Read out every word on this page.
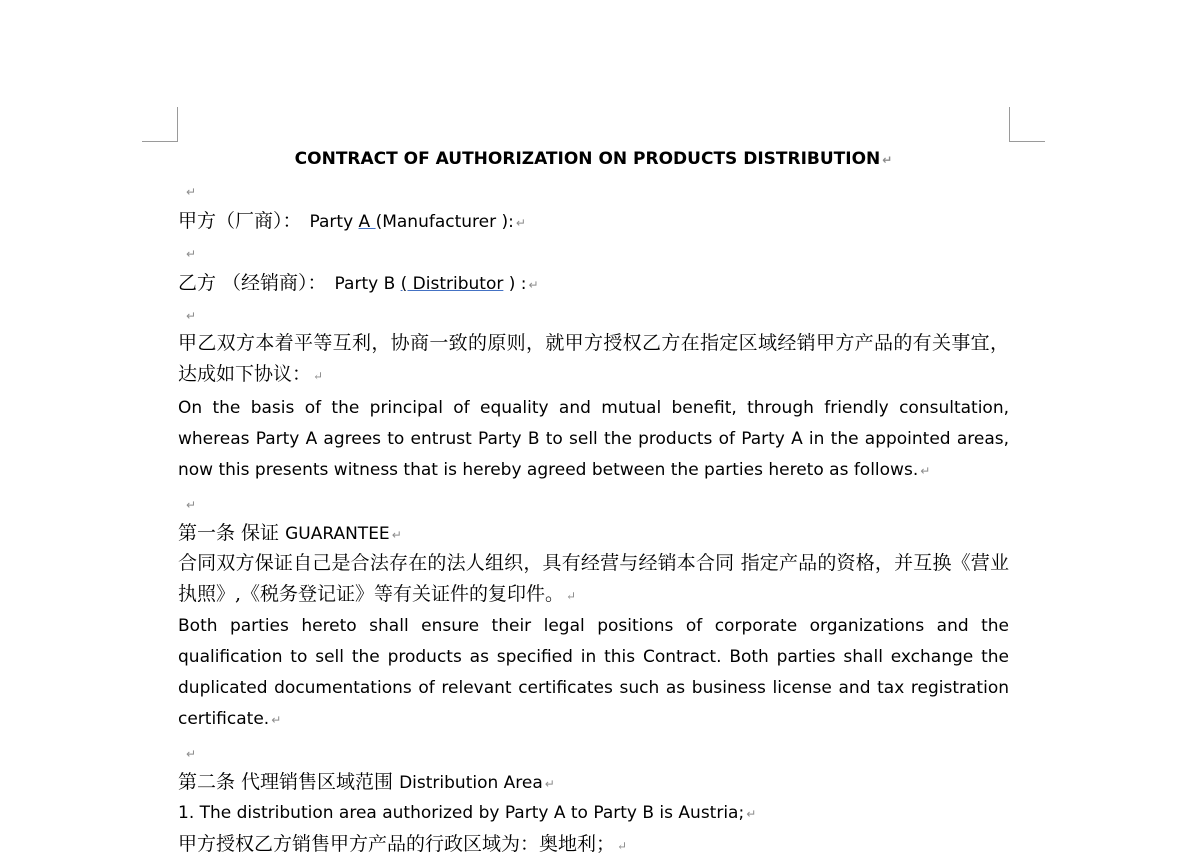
CONTRACT OF AUTHORIZATION ON PRODUCTS DISTRIBUTION ↵
↵
甲方（厂商）： Party A (Manufacturer ): ↵
↵
乙方 （经销商）： Party B ( Distributor ) : ↵
↵
甲乙双方本着平等互利，协商一致的原则，就甲方授权乙方在指定区域经销甲方产品的有关事宜，达成如下协议： ↵
On the basis of the principal of equality and mutual benefit, through friendly consultation, whereas Party A agrees to entrust Party B to sell the products of Party A in the appointed areas, now this presents witness that is hereby agreed between the parties hereto as follows. ↵
↵
第一条 保证 GUARANTEE ↵
合同双方保证自己是合法存在的法人组织，具有经营与经销本合同 指定产品的资格，并互换《营业执照》,《税务登记证》等有关证件的复印件。 ↵
Both parties hereto shall ensure their legal positions of corporate organizations and the qualification to sell the products as specified in this Contract. Both parties shall exchange the duplicated documentations of relevant certificates such as business license and tax registration certificate. ↵
↵
第二条 代理销售区域范围 Distribution Area ↵
1. The distribution area authorized by Party A to Party B is Austria; ↵
甲方授权乙方销售甲方产品的行政区域为：奥地利； ↵
